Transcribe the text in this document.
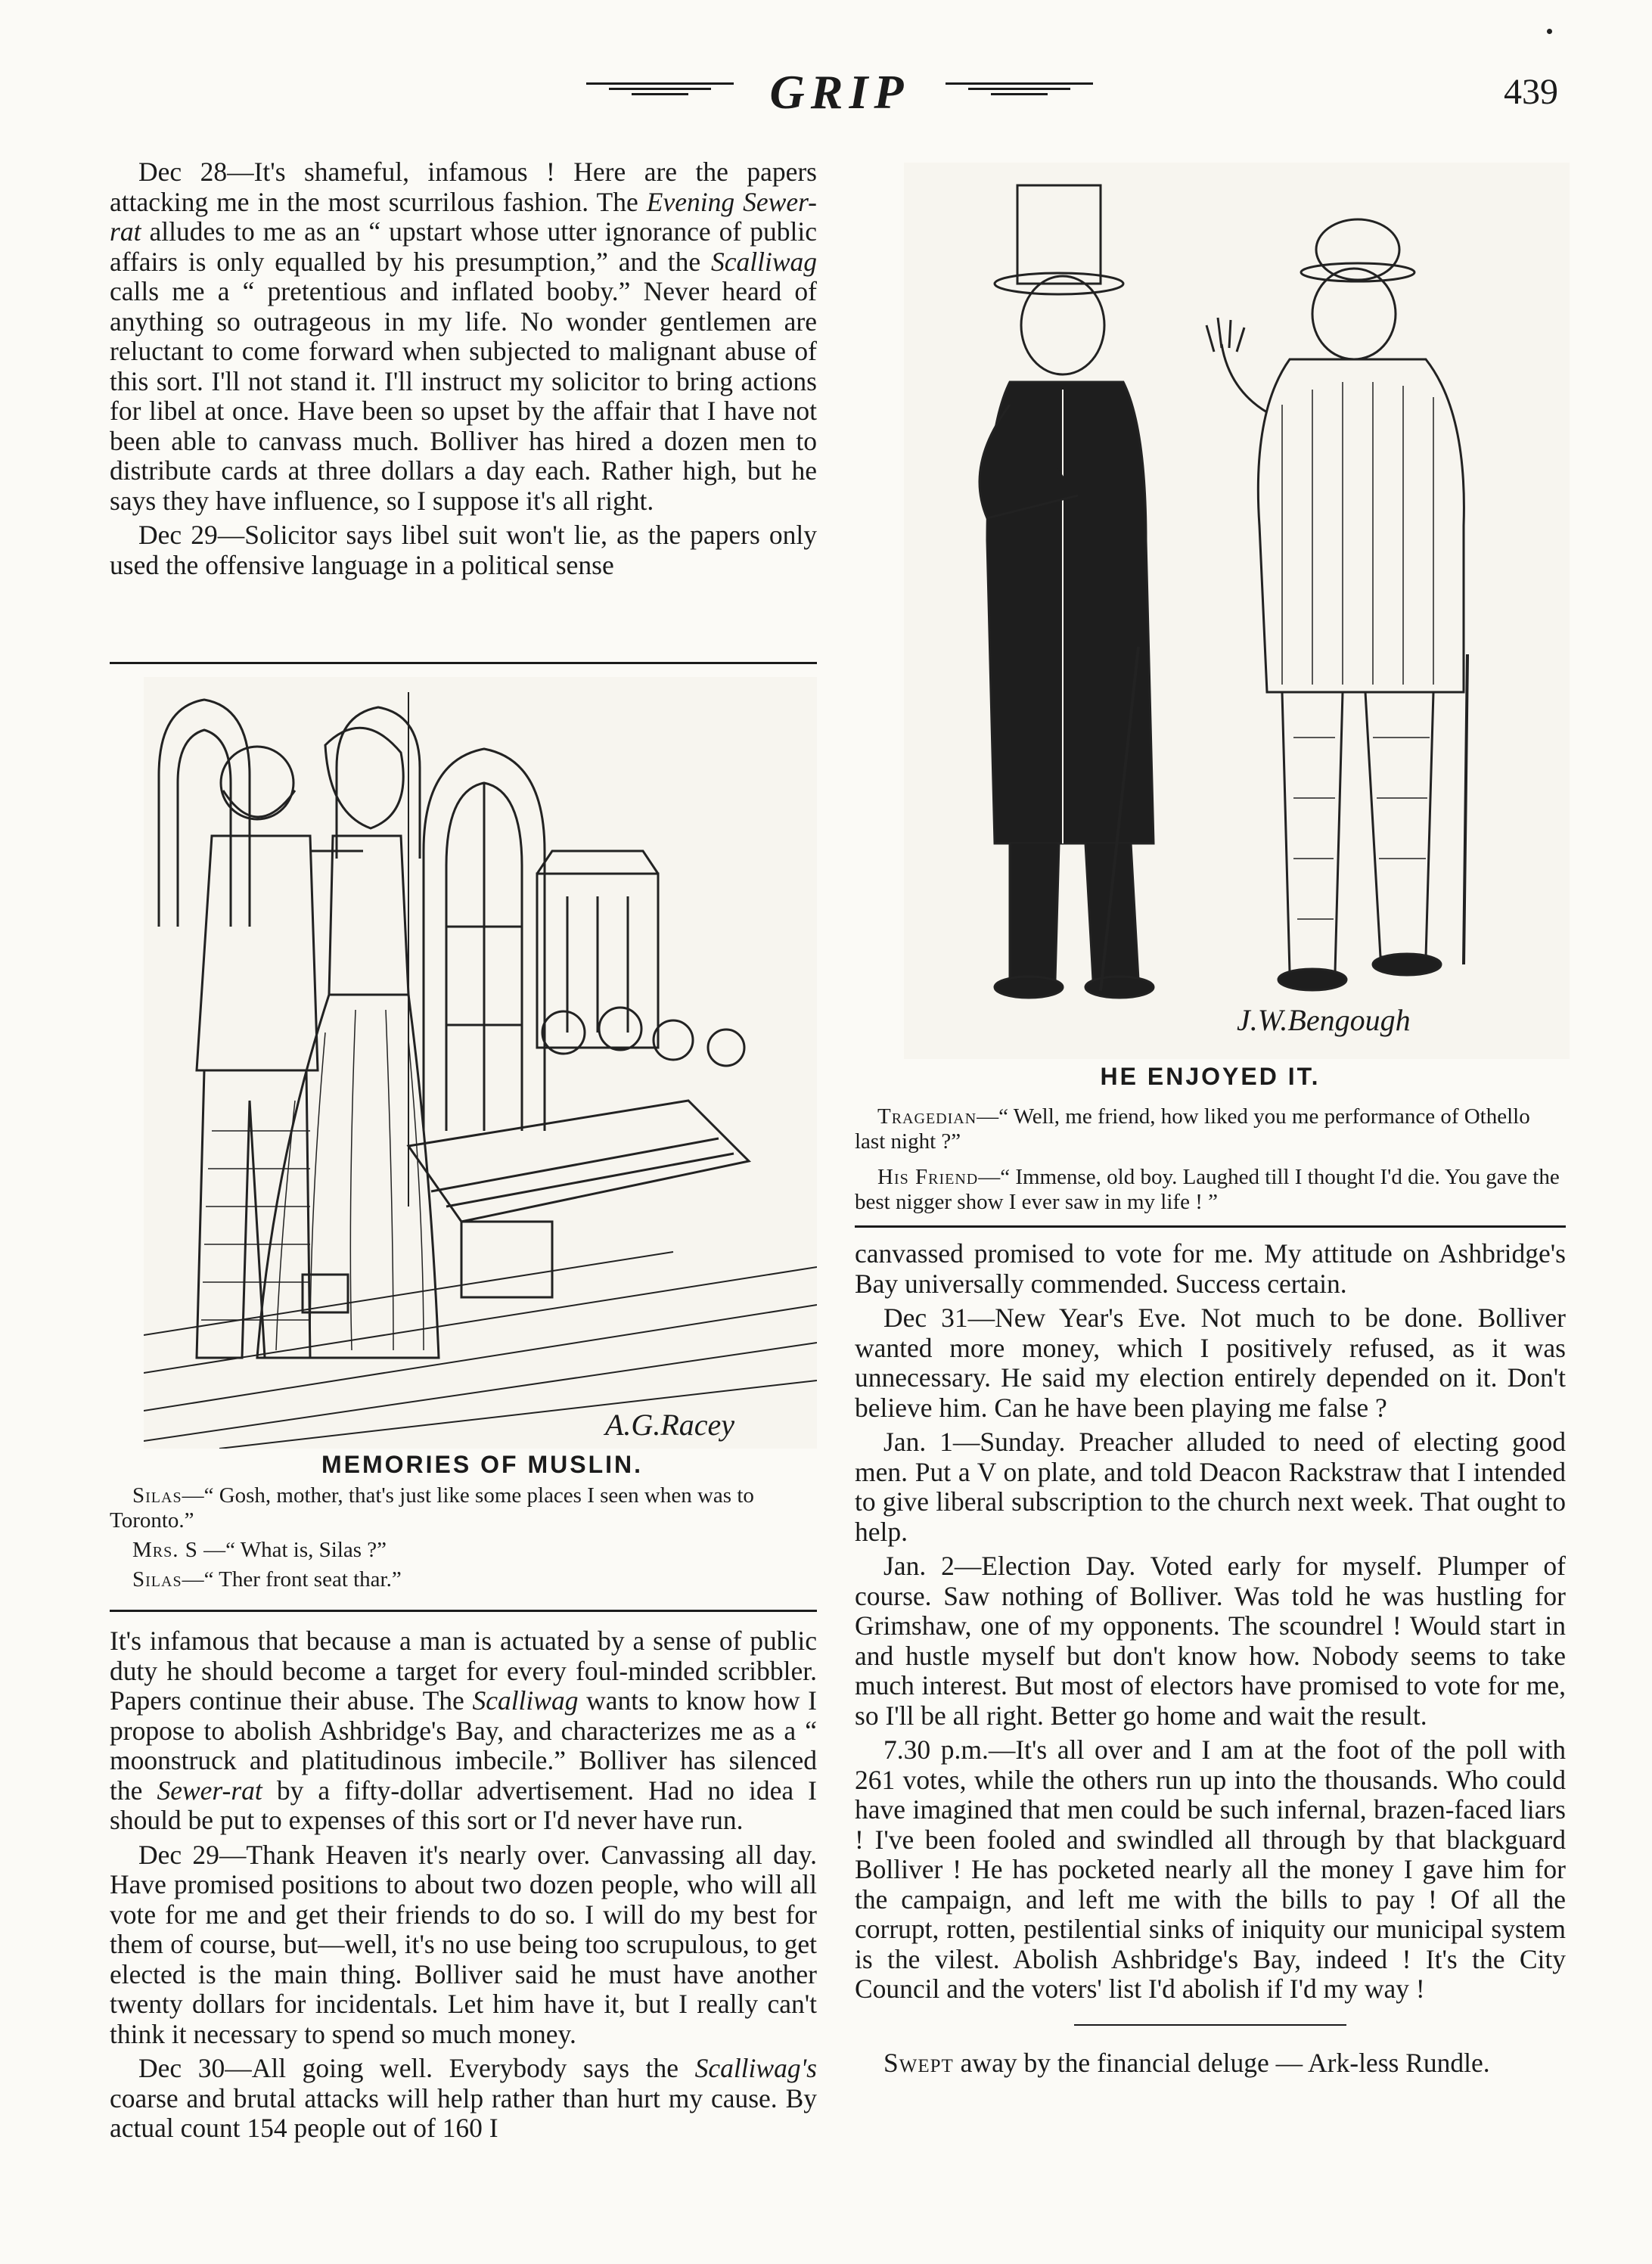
GRIP	439

Dec 28—It's shameful, infamous ! Here are the papers attacking me in the most scurrilous fashion. The Evening Sewer-rat alludes to me as an “ upstart whose utter ignorance of public affairs is only equalled by his presumption,” and the Scalliwag calls me a “ pretentious and inflated booby.” Never heard of anything so outrageous in my life. No wonder gentlemen are reluctant to come forward when subjected to malignant abuse of this sort. I'll not stand it. I'll instruct my solicitor to bring actions for libel at once. Have been so upset by the affair that I have not been able to canvass much. Bolliver has hired a dozen men to distribute cards at three dollars a day each. Rather high, but he says they have influence, so I suppose it's all right.

Dec 29—Solicitor says libel suit won't lie, as the papers only used the offensive language in a political sense

A.G.Racey
MEMORIES OF MUSLIN.

Silas—“ Gosh, mother, that's just like some places I seen when was to Toronto.”

Mrs. S —“ What is, Silas ?”

Silas—“ Ther front seat thar.”

It's infamous that because a man is actuated by a sense of public duty he should become a target for every foul-minded scribbler. Papers continue their abuse. The Scalliwag wants to know how I propose to abolish Ashbridge's Bay, and characterizes me as a “ moonstruck and platitudinous imbecile.” Bolliver has silenced the Sewer-rat by a fifty-dollar advertisement. Had no idea I should be put to expenses of this sort or I'd never have run.

Dec 29—Thank Heaven it's nearly over. Canvassing all day. Have promised positions to about two dozen people, who will all vote for me and get their friends to do so. I will do my best for them of course, but—well, it's no use being too scrupulous, to get elected is the main thing. Bolliver said he must have another twenty dollars for incidentals. Let him have it, but I really can't think it necessary to spend so much money.

Dec 30—All going well. Everybody says the Scalliwag's coarse and brutal attacks will help rather than hurt my cause. By actual count 154 people out of 160 I

J.W.Bengough
HE ENJOYED IT.

Tragedian—“ Well, me friend, how liked you me performance of Othello last night ?”

His Friend—“ Immense, old boy. Laughed till I thought I'd die. You gave the best nigger show I ever saw in my life ! ”

canvassed promised to vote for me. My attitude on Ashbridge's Bay universally commended. Success certain.

Dec 31—New Year's Eve. Not much to be done. Bolliver wanted more money, which I positively refused, as it was unnecessary. He said my election entirely depended on it. Don't believe him. Can he have been playing me false ?

Jan. 1—Sunday. Preacher alluded to need of electing good men. Put a V on plate, and told Deacon Rackstraw that I intended to give liberal subscription to the church next week. That ought to help.

Jan. 2—Election Day. Voted early for myself. Plumper of course. Saw nothing of Bolliver. Was told he was hustling for Grimshaw, one of my opponents. The scoundrel ! Would start in and hustle myself but don't know how. Nobody seems to take much interest. But most of electors have promised to vote for me, so I'll be all right. Better go home and wait the result.

7.30 p.m.—It's all over and I am at the foot of the poll with 261 votes, while the others run up into the thousands. Who could have imagined that men could be such infernal, brazen-faced liars ! I've been fooled and swindled all through by that blackguard Bolliver ! He has pocketed nearly all the money I gave him for the campaign, and left me with the bills to pay ! Of all the corrupt, rotten, pestilential sinks of iniquity our municipal system is the vilest. Abolish Ashbridge's Bay, indeed ! It's the City Council and the voters' list I'd abolish if I'd my way !

Swept away by the financial deluge — Ark-less Rundle.
